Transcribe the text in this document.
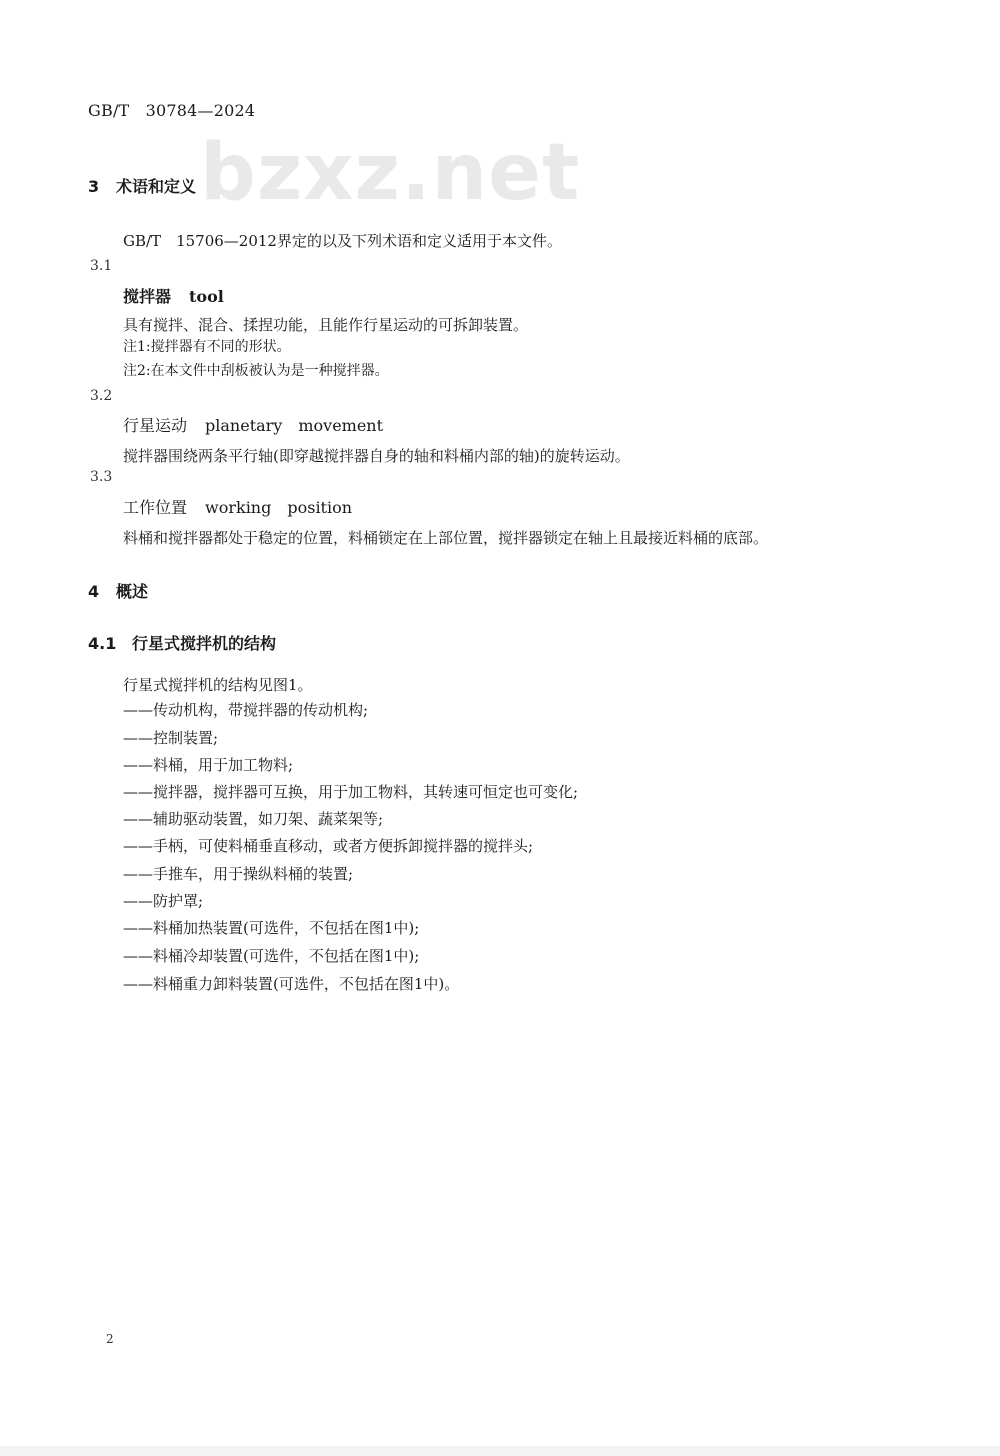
GB/T　30784—2024
bzxz.net
3 术语和定义
GB/T　15706—2012界定的以及下列术语和定义适用于本文件。
3.1
搅拌器 tool
具有搅拌、混合、揉捏功能，且能作行星运动的可拆卸装置。
注1:搅拌器有不同的形状。
注2:在本文件中刮板被认为是一种搅拌器。
3.2
行星运动 planetary　movement
搅拌器围绕两条平行轴(即穿越搅拌器自身的轴和料桶内部的轴)的旋转运动。
3.3
工作位置 working　position
料桶和搅拌器都处于稳定的位置，料桶锁定在上部位置，搅拌器锁定在轴上且最接近料桶的底部。
4 概述
4.1 行星式搅拌机的结构
行星式搅拌机的结构见图1。
——传动机构，带搅拌器的传动机构;
——控制装置;
——料桶，用于加工物料;
——搅拌器，搅拌器可互换，用于加工物料，其转速可恒定也可变化;
——辅助驱动装置，如刀架、蔬菜架等;
——手柄，可使料桶垂直移动，或者方便拆卸搅拌器的搅拌头;
——手推车，用于操纵料桶的装置;
——防护罩;
——料桶加热装置(可选件，不包括在图1中);
——料桶冷却装置(可选件，不包括在图1中);
——料桶重力卸料装置(可选件，不包括在图1中)。
2
